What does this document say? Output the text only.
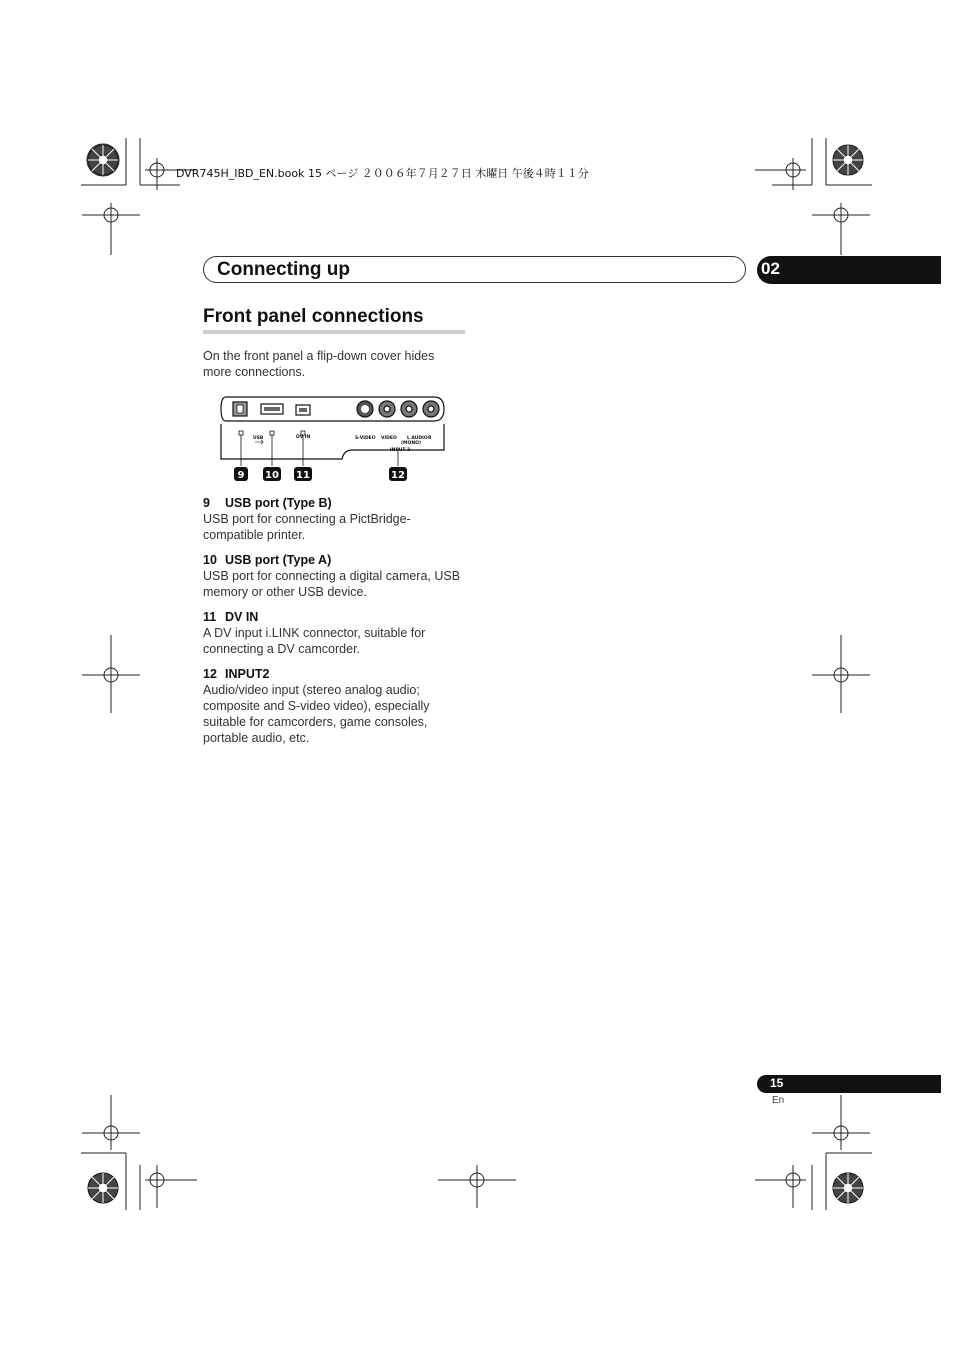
DVR745H_IBD_EN.book 15 ページ ２００６年７月２７日 木曜日 午後４時１１分
Connecting up	02
Front panel connections
On the front panel a flip-down cover hides more connections.
USB	DV IN	S-VIDEO VIDEO L AUDIO R
(MONO)
INPUT 2
9 10 11	12
9 USB port (Type B)
USB port for connecting a PictBridge-compatible printer.
10 USB port (Type A)
USB port for connecting a digital camera, USB memory or other USB device.
11 DV IN
A DV input i.LINK connector, suitable for connecting a DV camcorder.
12 INPUT2
Audio/video input (stereo analog audio; composite and S-video video), especially suitable for camcorders, game consoles, portable audio, etc.
15
En
